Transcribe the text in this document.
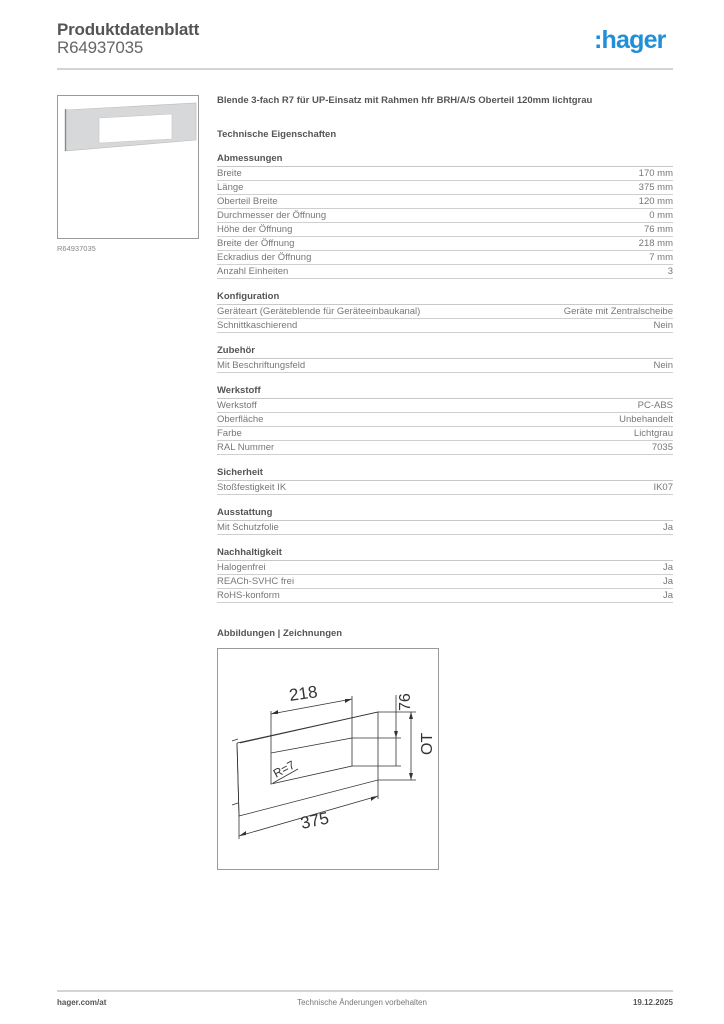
Produktdatenblatt
R64937035	:hager
R64937035
Blende 3-fach R7 für UP-Einsatz mit Rahmen hfr BRH/A/S Oberteil 120mm lichtgrau
Technische Eigenschaften
Abmessungen
Breite	170 mm
Länge	375 mm
Oberteil Breite	120 mm
Durchmesser der Öffnung	0 mm
Höhe der Öffnung	76 mm
Breite der Öffnung	218 mm
Eckradius der Öffnung	7 mm
Anzahl Einheiten	3
Konfiguration
Geräteart (Geräteblende für Geräteeinbaukanal)	Geräte mit Zentralscheibe
Schnittkaschierend	Nein
Zubehör
Mit Beschriftungsfeld	Nein
Werkstoff
Werkstoff	PC-ABS
Oberfläche	Unbehandelt
Farbe	Lichtgrau
RAL Nummer	7035
Sicherheit
Stoßfestigkeit IK	IK07
Ausstattung
Mit Schutzfolie	Ja
Nachhaltigkeit
Halogenfrei	Ja
REACh-SVHC frei	Ja
RoHS-konform	Ja
Abbildungen | Zeichnungen
218
375
R=7
76
OT
hager.com/at	Technische Änderungen vorbehalten	19.12.2025
